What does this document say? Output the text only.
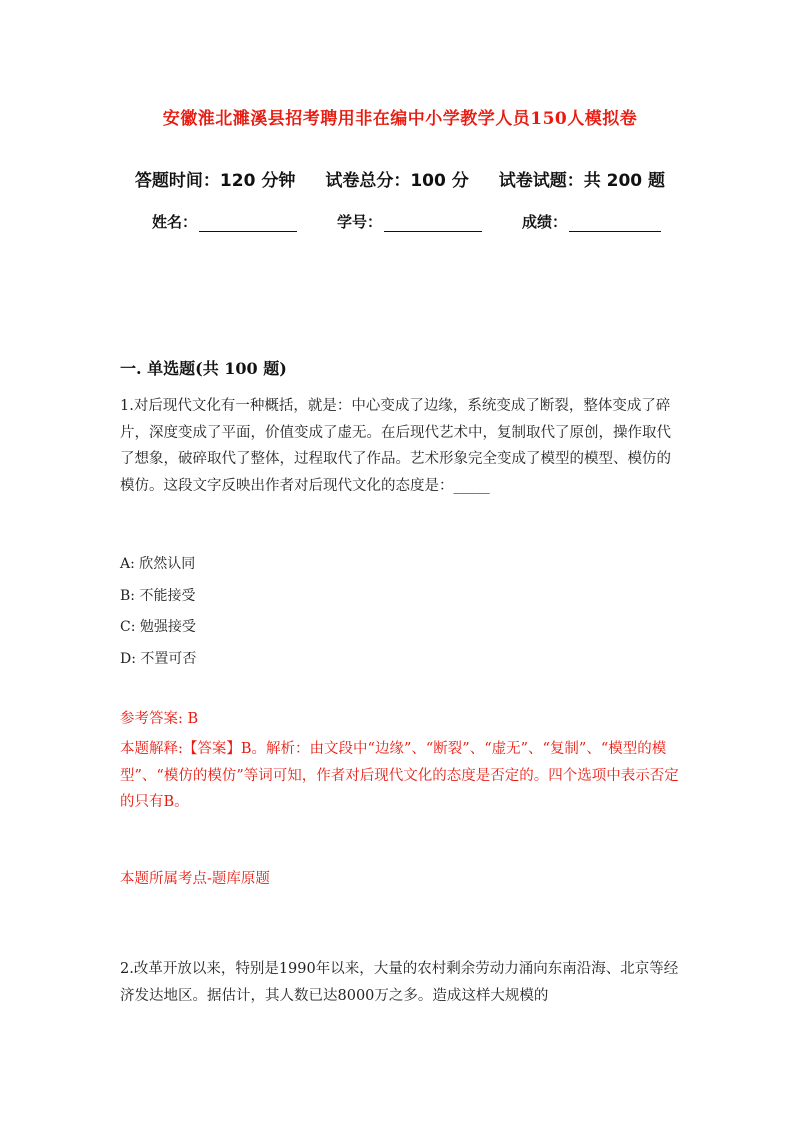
安徽淮北濉溪县招考聘用非在编中小学教学人员150人模拟卷
答题时间：120 分钟 试卷总分：100 分 试卷试题：共 200 题
姓名：	学号：	成绩：
一. 单选题(共 100 题)
1.对后现代文化有一种概括，就是：中心变成了边缘，系统变成了断裂，整体变成了碎片，深度变成了平面，价值变成了虚无。在后现代艺术中，复制取代了原创，操作取代了想象，破碎取代了整体，过程取代了作品。艺术形象完全变成了模型的模型、模仿的模仿。这段文字反映出作者对后现代文化的态度是：_____
A: 欣然认同
B: 不能接受
C: 勉强接受
D: 不置可否
参考答案: B
本题解释:【答案】B。解析：由文段中“边缘”、“断裂”、“虚无”、“复制”、“模型的模型”、“模仿的模仿”等词可知，作者对后现代文化的态度是否定的。四个选项中表示否定的只有B。
本题所属考点-题库原题
2.改革开放以来，特别是1990年以来，大量的农村剩余劳动力涌向东南沿海、北京等经济发达地区。据估计，其人数已达8000万之多。造成这样大规模的
